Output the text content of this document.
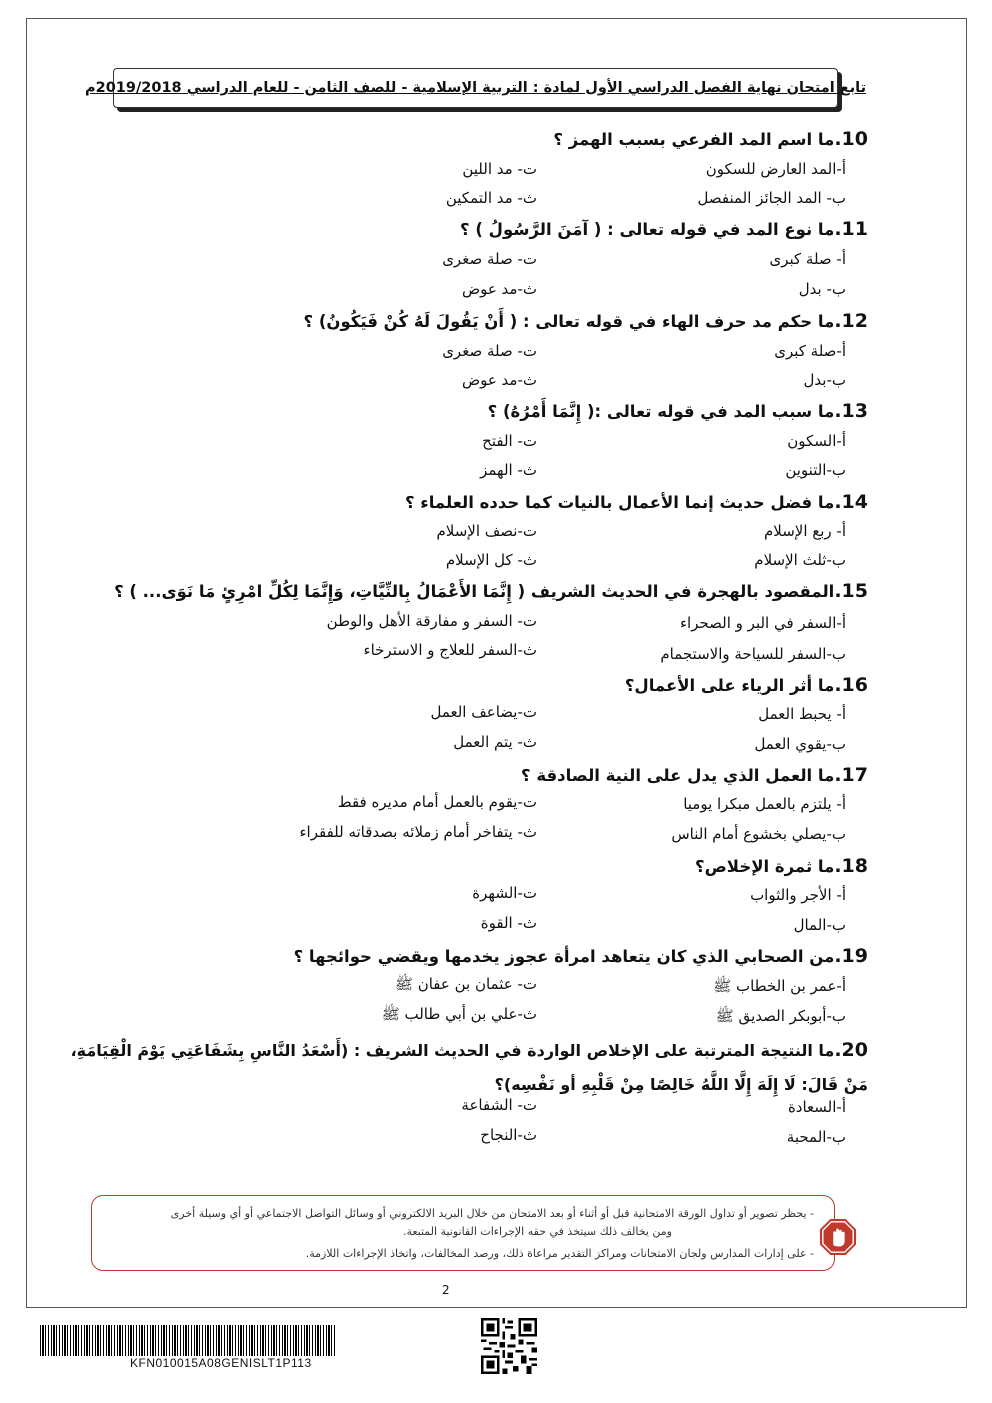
تابع امتحان نهاية الفصل الدراسي الأول لمادة : التربية الإسلامية - للصف الثامن - للعام الدراسي 2019/2018م
10.ما اسم المد الفرعي بسبب الهمز ؟
أ-المد العارض للسكون
ت- مد اللين
ب- المد الجائز المنفصل
ث- مد التمكين
11.ما نوع المد في قوله تعالى : ( آمَنَ الرَّسُولُ ) ؟
أ- صلة كبرى
ت- صلة صغرى
ب- بدل
ث-مد عوض
12.ما حكم مد حرف الهاء في قوله تعالى : ( أَنْ يَقُولَ لَهُ كُنْ فَيَكُونُ) ؟
أ-صلة كبرى
ت- صلة صغرى
ب-بدل
ث-مد عوض
13.ما سبب المد في قوله تعالى :( إِنَّمَا أَمْرُهُ) ؟
أ-السكون
ت- الفتح
ب-التنوين
ث- الهمز
14.ما فضل حديث إنما الأعمال بالنيات كما حدده العلماء ؟
أ- ربع الإسلام
ت-نصف الإسلام
ب-ثلث الإسلام
ث- كل الإسلام
15.المقصود بالهجرة في الحديث الشريف ( إِنَّمَا الأَعْمَالُ بِالنِّيَّاتِ، وَإِنَّمَا لِكُلِّ امْرِئٍ مَا نَوَى... ) ؟
أ-السفر في البر و الصحراء
ت- السفر و مفارقة الأهل والوطن
ب-السفر للسياحة والاستجمام
ث-السفر للعلاج و الاسترخاء
16.ما أثر الرياء على الأعمال؟
أ- يحبط العمل
ت-يضاعف العمل
ب-يقوي العمل
ث- يتم العمل
17.ما العمل الذي يدل على النية الصادقة ؟
أ- يلتزم بالعمل مبكرا يوميا
ت-يقوم بالعمل أمام مديره فقط
ب-يصلي بخشوع أمام الناس
ث- يتفاخر أمام زملائه بصدقاته للفقراء
18.ما ثمرة الإخلاص؟
أ- الأجر والثواب
ت-الشهرة
ب-المال
ث- القوة
19.من الصحابي الذي كان يتعاهد امرأة عجوز يخدمها ويقضي حوائجها ؟
أ-عمر بن الخطاب ﷺ
ت- عثمان بن عفان ﷺ
ب-أبوبكر الصديق ﷺ
ث-علي بن أبي طالب ﷺ
20.ما النتيجة المترتبة على الإخلاص الواردة في الحديث الشريف : (أَسْعَدُ النَّاسِ بِشَفَاعَتِي يَوْمَ الْقِيَامَةِ، مَنْ قَالَ: لَا إِلَهَ إِلَّا اللَّهُ خَالِصًا مِنْ قَلْبِهِ أو نَفْسِه)؟
أ-السعادة
ت- الشفاعة
ب-المحبة
ث-النجاح
- يحظر تصوير أو تداول الورقة الامتحانية قبل أو أثناء أو بعد الامتحان من خلال البريد الالكتروني أو وسائل التواصل الاجتماعي أو أي وسيلة أخرى
ومن يخالف ذلك سيتخذ في حقه الإجراءات القانونية المتبعة.
- على إدارات المدارس ولجان الامتحانات ومراكز التقدير مراعاة ذلك، ورصد المخالفات، واتخاذ الإجراءات اللازمة.
2
KFN010015A08GENISLT1P113
